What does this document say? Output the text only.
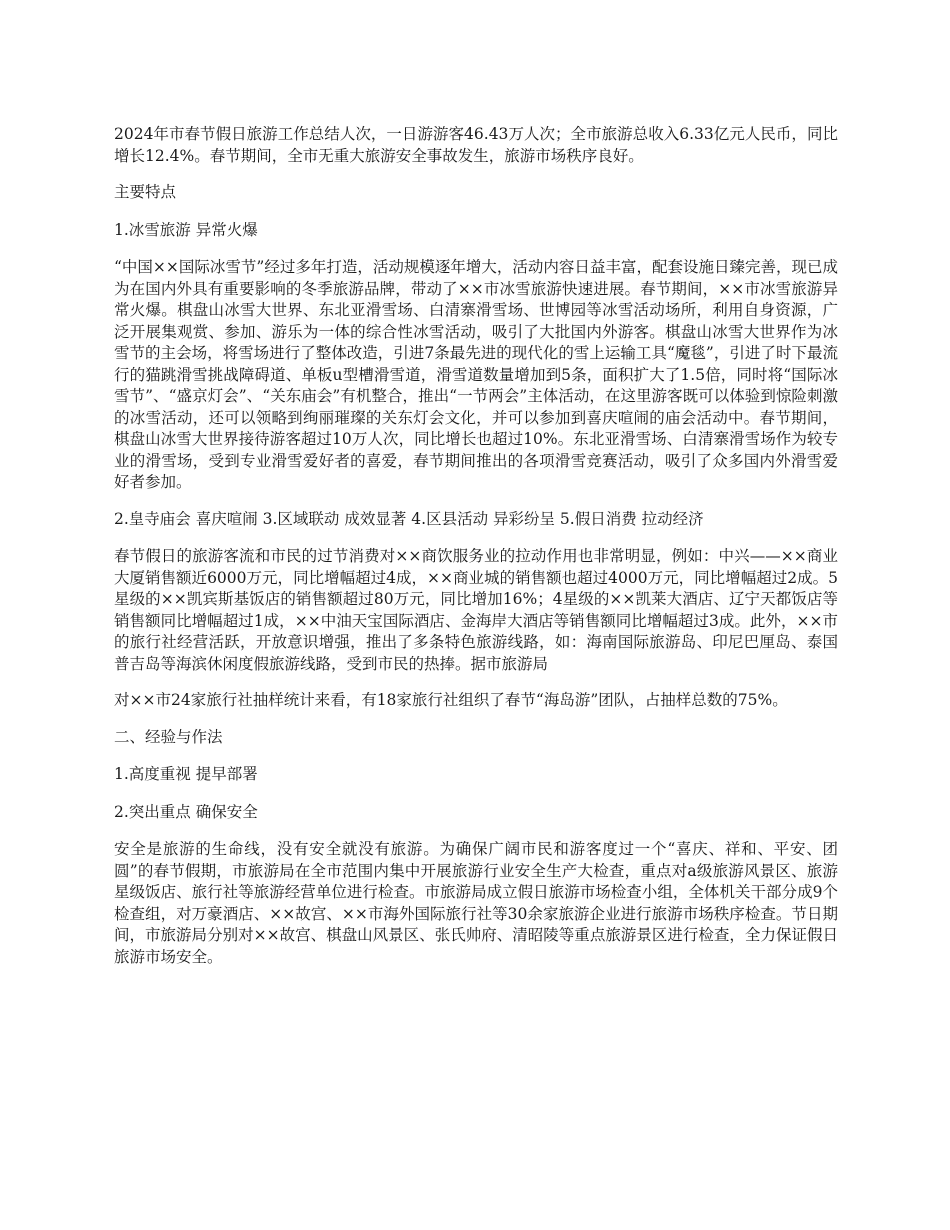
2024年市春节假日旅游工作总结人次，一日游游客46.43万人次；全市旅游总收入6.33亿元人民币，同比增长12.4%。春节期间，全市无重大旅游安全事故发生，旅游市场秩序良好。

主要特点

1.冰雪旅游 异常火爆

“中国××国际冰雪节”经过多年打造，活动规模逐年增大，活动内容日益丰富，配套设施日臻完善，现已成为在国内外具有重要影响的冬季旅游品牌，带动了××市冰雪旅游快速进展。春节期间，××市冰雪旅游异常火爆。棋盘山冰雪大世界、东北亚滑雪场、白清寨滑雪场、世博园等冰雪活动场所，利用自身资源，广泛开展集观赏、参加、游乐为一体的综合性冰雪活动，吸引了大批国内外游客。棋盘山冰雪大世界作为冰雪节的主会场，将雪场进行了整体改造，引进7条最先进的现代化的雪上运输工具“魔毯”，引进了时下最流行的猫跳滑雪挑战障碍道、单板u型槽滑雪道，滑雪道数量增加到5条，面积扩大了1.5倍，同时将“国际冰雪节”、“盛京灯会”、“关东庙会”有机整合，推出“一节两会”主体活动，在这里游客既可以体验到惊险刺激的冰雪活动，还可以领略到绚丽璀璨的关东灯会文化，并可以参加到喜庆喧闹的庙会活动中。春节期间，棋盘山冰雪大世界接待游客超过10万人次，同比增长也超过10%。东北亚滑雪场、白清寨滑雪场作为较专业的滑雪场，受到专业滑雪爱好者的喜爱，春节期间推出的各项滑雪竞赛活动，吸引了众多国内外滑雪爱好者参加。

2.皇寺庙会 喜庆喧闹 3.区域联动 成效显著 4.区县活动 异彩纷呈 5.假日消费 拉动经济

春节假日的旅游客流和市民的过节消费对××商饮服务业的拉动作用也非常明显，例如：中兴——××商业大厦销售额近6000万元，同比增幅超过4成，××商业城的销售额也超过4000万元，同比增幅超过2成。5星级的××凯宾斯基饭店的销售额超过80万元，同比增加16%；4星级的××凯莱大酒店、辽宁天都饭店等销售额同比增幅超过1成，××中油天宝国际酒店、金海岸大酒店等销售额同比增幅超过3成。此外，××市的旅行社经营活跃，开放意识增强，推出了多条特色旅游线路，如：海南国际旅游岛、印尼巴厘岛、泰国普吉岛等海滨休闲度假旅游线路，受到市民的热捧。据市旅游局

对××市24家旅行社抽样统计来看，有18家旅行社组织了春节“海岛游”团队，占抽样总数的75%。

二、经验与作法

1.高度重视 提早部署

2.突出重点 确保安全

安全是旅游的生命线，没有安全就没有旅游。为确保广阔市民和游客度过一个“喜庆、祥和、平安、团圆”的春节假期，市旅游局在全市范围内集中开展旅游行业安全生产大检查，重点对a级旅游风景区、旅游星级饭店、旅行社等旅游经营单位进行检查。市旅游局成立假日旅游市场检查小组，全体机关干部分成9个检查组，对万豪酒店、××故宫、××市海外国际旅行社等30余家旅游企业进行旅游市场秩序检查。节日期间，市旅游局分别对××故宫、棋盘山风景区、张氏帅府、清昭陵等重点旅游景区进行检查，全力保证假日旅游市场安全。
